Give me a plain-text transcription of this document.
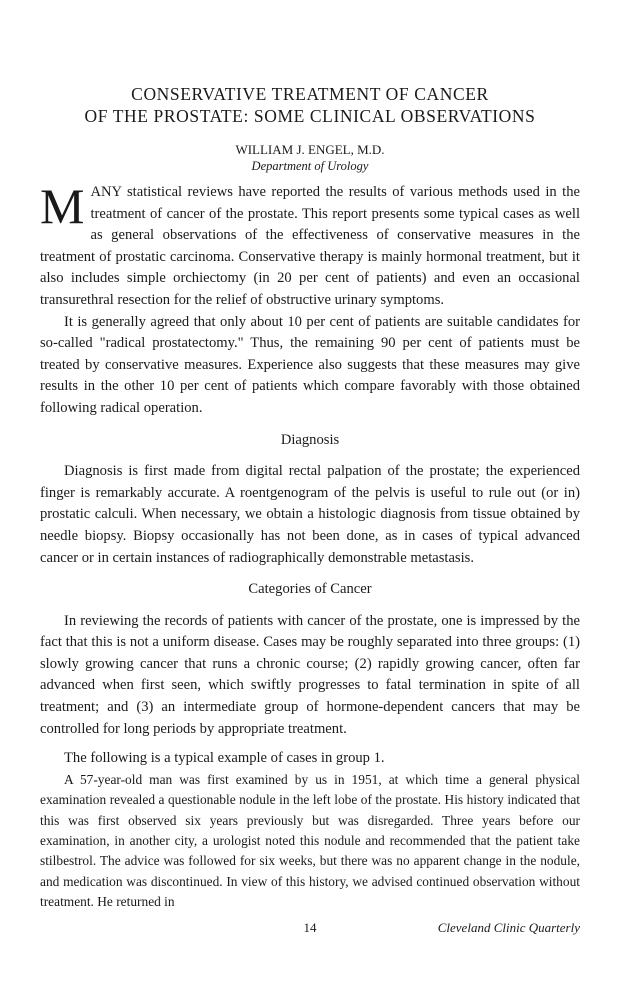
CONSERVATIVE TREATMENT OF CANCER
OF THE PROSTATE: SOME CLINICAL OBSERVATIONS
WILLIAM J. ENGEL, M.D.
Department of Urology

MANY statistical reviews have reported the results of various methods used in the treatment of cancer of the prostate. This report presents some typical cases as well as general observations of the effectiveness of conservative measures in the treatment of prostatic carcinoma. Conservative therapy is mainly hormonal treatment, but it also includes simple orchiectomy (in 20 per cent of patients) and even an occasional transurethral resection for the relief of obstructive urinary symptoms.

It is generally agreed that only about 10 per cent of patients are suitable candidates for so-called "radical prostatectomy." Thus, the remaining 90 per cent of patients must be treated by conservative measures. Experience also suggests that these measures may give results in the other 10 per cent of patients which compare favorably with those obtained following radical operation.

Diagnosis

Diagnosis is first made from digital rectal palpation of the prostate; the experienced finger is remarkably accurate. A roentgenogram of the pelvis is useful to rule out (or in) prostatic calculi. When necessary, we obtain a histologic diagnosis from tissue obtained by needle biopsy. Biopsy occasionally has not been done, as in cases of typical advanced cancer or in certain instances of radiographically demonstrable metastasis.

Categories of Cancer

In reviewing the records of patients with cancer of the prostate, one is impressed by the fact that this is not a uniform disease. Cases may be roughly separated into three groups: (1) slowly growing cancer that runs a chronic course; (2) rapidly growing cancer, often far advanced when first seen, which swiftly progresses to fatal termination in spite of all treatment; and (3) an intermediate group of hormone-dependent cancers that may be controlled for long periods by appropriate treatment.

The following is a typical example of cases in group 1.

A 57-year-old man was first examined by us in 1951, at which time a general physical examination revealed a questionable nodule in the left lobe of the prostate. His history indicated that this was first observed six years previously but was disregarded. Three years before our examination, in another city, a urologist noted this nodule and recommended that the patient take stilbestrol. The advice was followed for six weeks, but there was no apparent change in the nodule, and medication was discontinued. In view of this history, we advised continued observation without treatment. He returned in

14	Cleveland Clinic Quarterly
